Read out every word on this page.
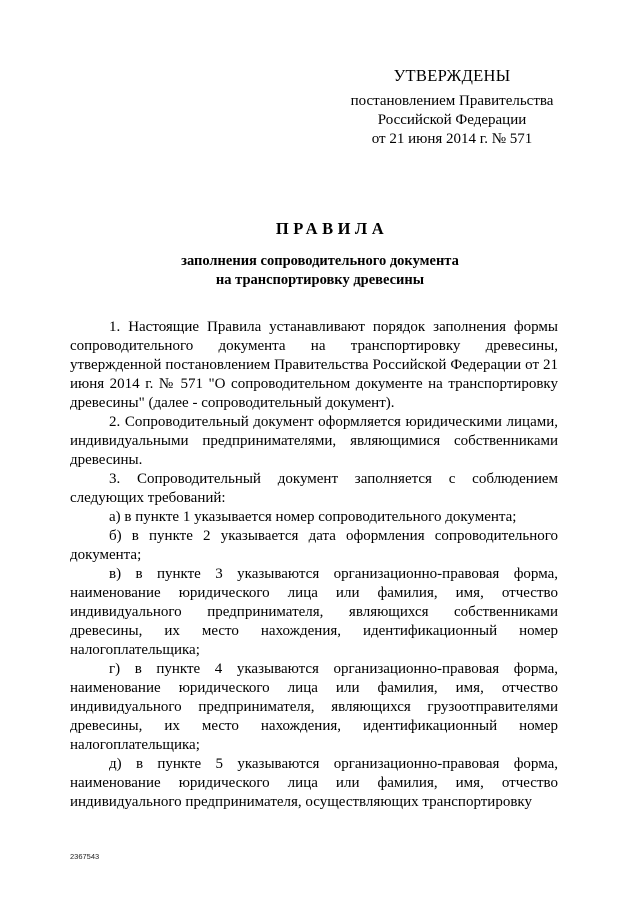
УТВЕРЖДЕНЫ
постановлением Правительства
Российской Федерации
от 21 июня 2014 г. № 571
ПРАВИЛА
заполнения сопроводительного документа
на транспортировку древесины

1. Настоящие Правила устанавливают порядок заполнения формы сопроводительного документа на транспортировку древесины, утвержденной постановлением Правительства Российской Федерации от 21 июня 2014 г. № 571 "О сопроводительном документе на транспортировку древесины" (далее - сопроводительный документ).

2. Сопроводительный документ оформляется юридическими лицами, индивидуальными предпринимателями, являющимися собственниками древесины.

3. Сопроводительный документ заполняется с соблюдением следующих требований:

а) в пункте 1 указывается номер сопроводительного документа;

б) в пункте 2 указывается дата оформления сопроводительного документа;

в) в пункте 3 указываются организационно-правовая форма, наименование юридического лица или фамилия, имя, отчество индивидуального предпринимателя, являющихся собственниками древесины, их место нахождения, идентификационный номер налогоплательщика;

г) в пункте 4 указываются организационно-правовая форма, наименование юридического лица или фамилия, имя, отчество индивидуального предпринимателя, являющихся грузоотправителями древесины, их место нахождения, идентификационный номер налогоплательщика;

д) в пункте 5 указываются организационно-правовая форма, наименование юридического лица или фамилия, имя, отчество индивидуального предпринимателя, осуществляющих транспортировку

2367543
